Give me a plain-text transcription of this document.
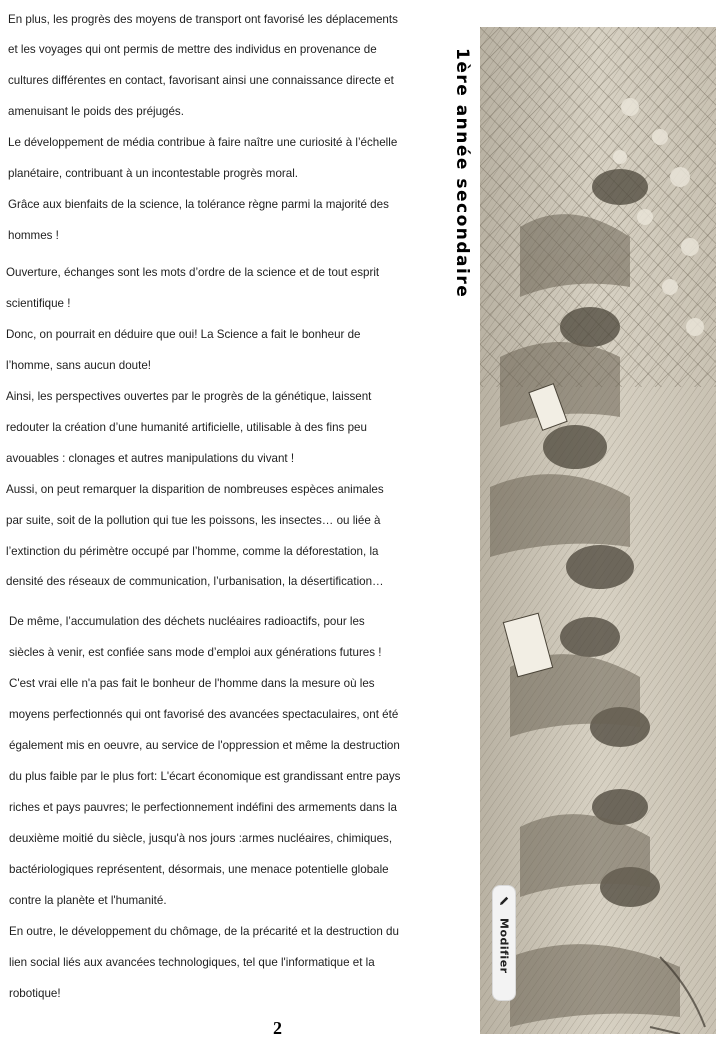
En plus, les progrès des moyens de transport ont favorisé les déplacements
et les voyages qui ont permis de mettre des individus en provenance de
cultures différentes en contact, favorisant ainsi une connaissance directe et
amenuisant le poids des préjugés.
Le développement de média contribue à faire naître une curiosité à l’échelle
planétaire, contribuant à un incontestable progrès moral.
Grâce aux bienfaits de la science, la tolérance règne parmi la majorité des
hommes !
Ouverture, échanges sont les mots d’ordre de la science et de tout esprit
scientifique !
Donc, on pourrait en déduire que oui! La Science a fait le bonheur de
l’homme, sans aucun doute!
Ainsi, les perspectives ouvertes par le progrès de la génétique, laissent
redouter la création d’une humanité artificielle, utilisable à des fins peu
avouables : clonages et autres manipulations du vivant !
Aussi, on peut remarquer la disparition de nombreuses espèces animales
par suite, soit de la pollution qui tue les poissons, les insectes… ou liée à
l’extinction du périmètre occupé par l’homme, comme la déforestation, la
densité des réseaux de communication, l’urbanisation, la désertification…
De même, l’accumulation des déchets nucléaires radioactifs, pour les
siècles à venir, est confiée sans mode d’emploi aux générations futures !
C'est vrai elle n'a pas fait le bonheur de l'homme dans la mesure où les
moyens perfectionnés qui ont favorisé des avancées spectaculaires, ont été
également mis en oeuvre, au service de l'oppression et même la destruction
du plus faible par le plus fort: L'écart économique est grandissant entre pays
riches et pays pauvres; le perfectionnement indéfini des armements dans la
deuxième moitié du siècle, jusqu'à nos jours :armes nucléaires, chimiques,
bactériologiques représentent, désormais, une menace potentielle globale
contre la planète et l'humanité.
En outre, le développement du chômage, de la précarité et la destruction du
lien social liés aux avancées technologiques, tel que l'informatique et la
robotique!
2
1ère année secondaire
Modifier
